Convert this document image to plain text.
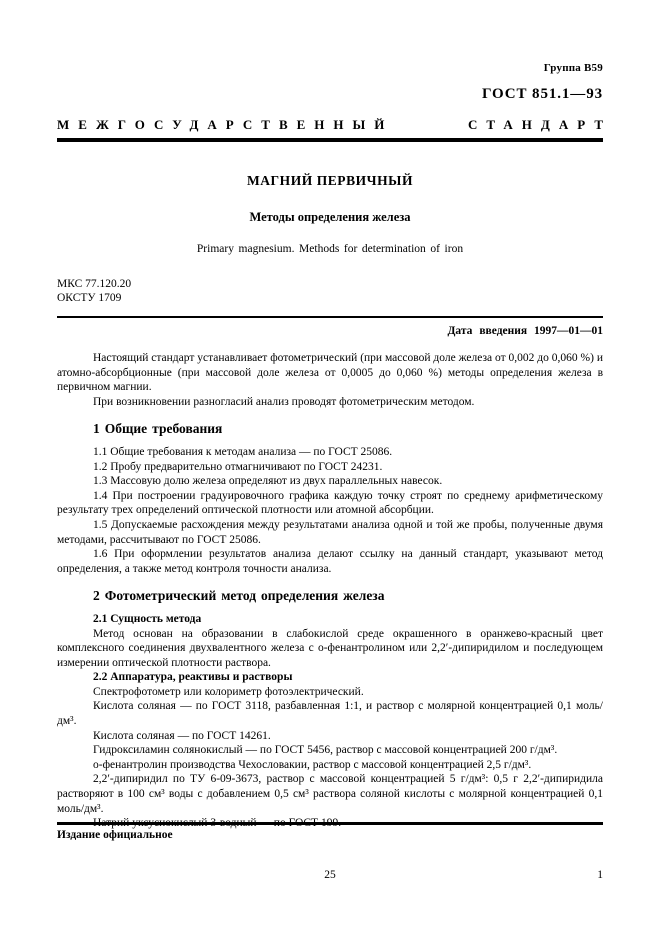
Группа В59
ГОСТ 851.1—93
МЕЖГОСУДАРСТВЕННЫЙ	СТАНДАРТ
МАГНИЙ ПЕРВИЧНЫЙ
Методы определения железа
Primary magnesium. Methods for determination of iron
МКС 77.120.20
ОКСТУ 1709
Дата введения 1997—01—01

Настоящий стандарт устанавливает фотометрический (при массовой доле железа от 0,002 до 0,060 %) и атомно-абсорбционные (при массовой доле железа от 0,0005 до 0,060 %) методы определения железа в первичном магнии.

При возникновении разногласий анализ проводят фотометрическим методом.

1 Общие требования

1.1 Общие требования к методам анализа — по ГОСТ 25086.

1.2 Пробу предварительно отмагничивают по ГОСТ 24231.

1.3 Массовую долю железа определяют из двух параллельных навесок.

1.4 При построении градуировочного графика каждую точку строят по среднему арифметическому результату трех определений оптической плотности или атомной абсорбции.

1.5 Допускаемые расхождения между результатами анализа одной и той же пробы, полученные двумя методами, рассчитывают по ГОСТ 25086.

1.6 При оформлении результатов анализа делают ссылку на данный стандарт, указывают метод определения, а также метод контроля точности анализа.

2 Фотометрический метод определения железа

2.1 Сущность метода

Метод основан на образовании в слабокислой среде окрашенного в оранжево-красный цвет комплексного соединения двухвалентного железа с о-фенантролином или 2,2′-дипиридилом и последующем измерении оптической плотности раствора.

2.2 Аппаратура, реактивы и растворы

Спектрофотометр или колориметр фотоэлектрический.

Кислота соляная — по ГОСТ 3118, разбавленная 1:1, и раствор с молярной концентрацией 0,1 моль/дм³.

Кислота соляная — по ГОСТ 14261.

Гидроксиламин солянокислый — по ГОСТ 5456, раствор с массовой концентрацией 200 г/дм³.

о-фенантролин производства Чехословакии, раствор с массовой концентрацией 2,5 г/дм³.

2,2′-дипиридил по ТУ 6-09-3673, раствор с массовой концентрацией 5 г/дм³: 0,5 г 2,2′-дипиридила растворяют в 100 см³ воды с добавлением 0,5 см³ раствора соляной кислоты с молярной концентрацией 0,1 моль/дм³.

Издание официальное
25	1
